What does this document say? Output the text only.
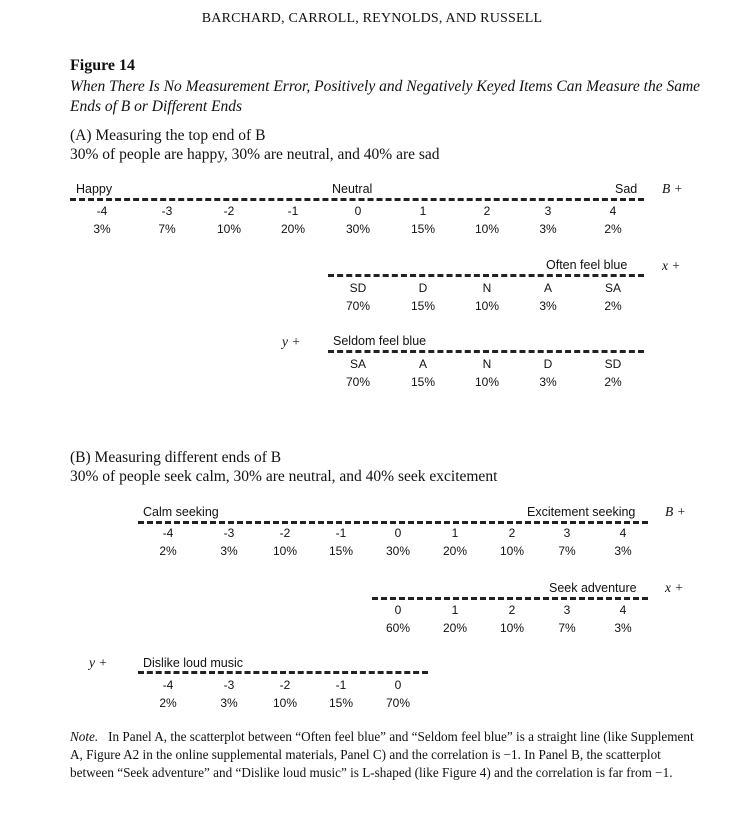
BARCHARD, CARROLL, REYNOLDS, AND RUSSELL
Figure 14
When There Is No Measurement Error, Positively and Negatively Keyed Items Can Measure the Same Ends of B or Different Ends
(A) Measuring the top end of B
30% of people are happy, 30% are neutral, and 40% are sad
Happy	Neutral	Sad B +
-4	-3	-2	-1	0	1	2	3	4
3%	7%	10%	20%	30%	15%	10%	3%	2%
Often feel blue	x +
SD	D	N	A	SA
70%	15%	10%	3%	2%
y +	Seldom feel blue
SA	A	N	D	SD
70%	15%	10%	3%	2%
(B) Measuring different ends of B
30% of people seek calm, 30% are neutral, and 40% seek excitement
Calm seeking	Excitement seeking B +
-4	-3	-2	-1	0	1	2	3	4
2%	3%	10%	15%	30%	20%	10%	7%	3%
Seek adventure x +
0	1	2	3	4
60%	20%	10%	7%	3%
y +	Dislike loud music
-4	-3	-2	-1	0
2%	3%	10%	15%	70%
Note. In Panel A, the scatterplot between “Often feel blue” and “Seldom feel blue” is a straight line (like Supplement A, Figure A2 in the online supplemental materials, Panel C) and the correlation is −1. In Panel B, the scatterplot between “Seek adventure” and “Dislike loud music” is L-shaped (like Figure 4) and the correlation is far from −1.
